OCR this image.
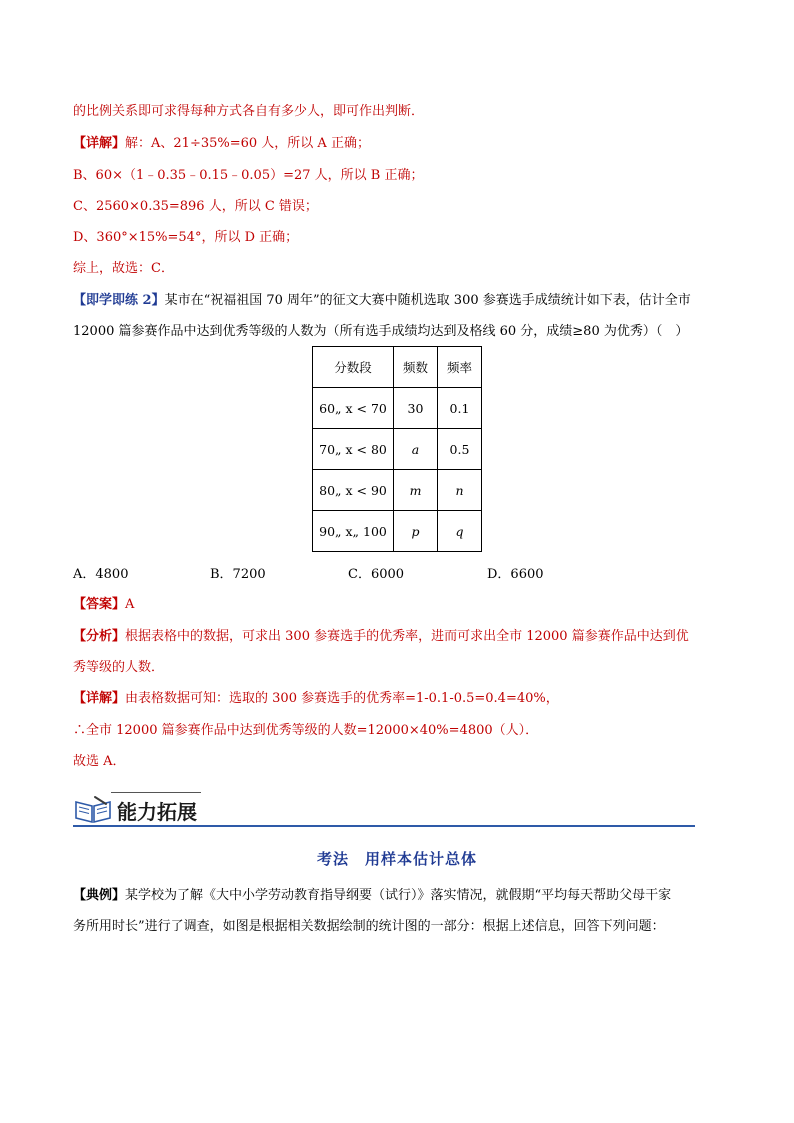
的比例关系即可求得每种方式各自有多少人，即可作出判断．
【详解】解：A、21÷35%=60 人，所以 A 正确；
B、60×（1﹣0.35﹣0.15﹣0.05）=27 人，所以 B 正确；
C、2560×0.35=896 人，所以 C 错误；
D、360°×15%=54°，所以 D 正确；
综上，故选：C．
【即学即练 2】某市在“祝福祖国 70 周年”的征文大赛中随机选取 300 参赛选手成绩统计如下表，估计全市
12000 篇参赛作品中达到优秀等级的人数为（所有选手成绩均达到及格线 60 分，成绩≥80 为优秀）（　）
分数段	频数	频率
60„ x < 70	30	0.1
70„ x < 80	a	0.5
80„ x < 90	m	n
90„ x„ 100	p	q
A．4800	B．7200	C．6000	D．6600
【答案】A
【分析】根据表格中的数据，可求出 300 参赛选手的优秀率，进而可求出全市 12000 篇参赛作品中达到优
秀等级的人数．
【详解】由表格数据可知：选取的 300 参赛选手的优秀率=1-0.1-0.5=0.4=40%，
∴全市 12000 篇参赛作品中达到优秀等级的人数=12000×40%=4800（人）．
故选 A．
能力拓展
考法　用样本估计总体
【典例】某学校为了解《大中小学劳动教育指导纲要（试行）》落实情况，就假期“平均每天帮助父母干家
务所用时长”进行了调查，如图是根据相关数据绘制的统计图的一部分：根据上述信息，回答下列问题：
